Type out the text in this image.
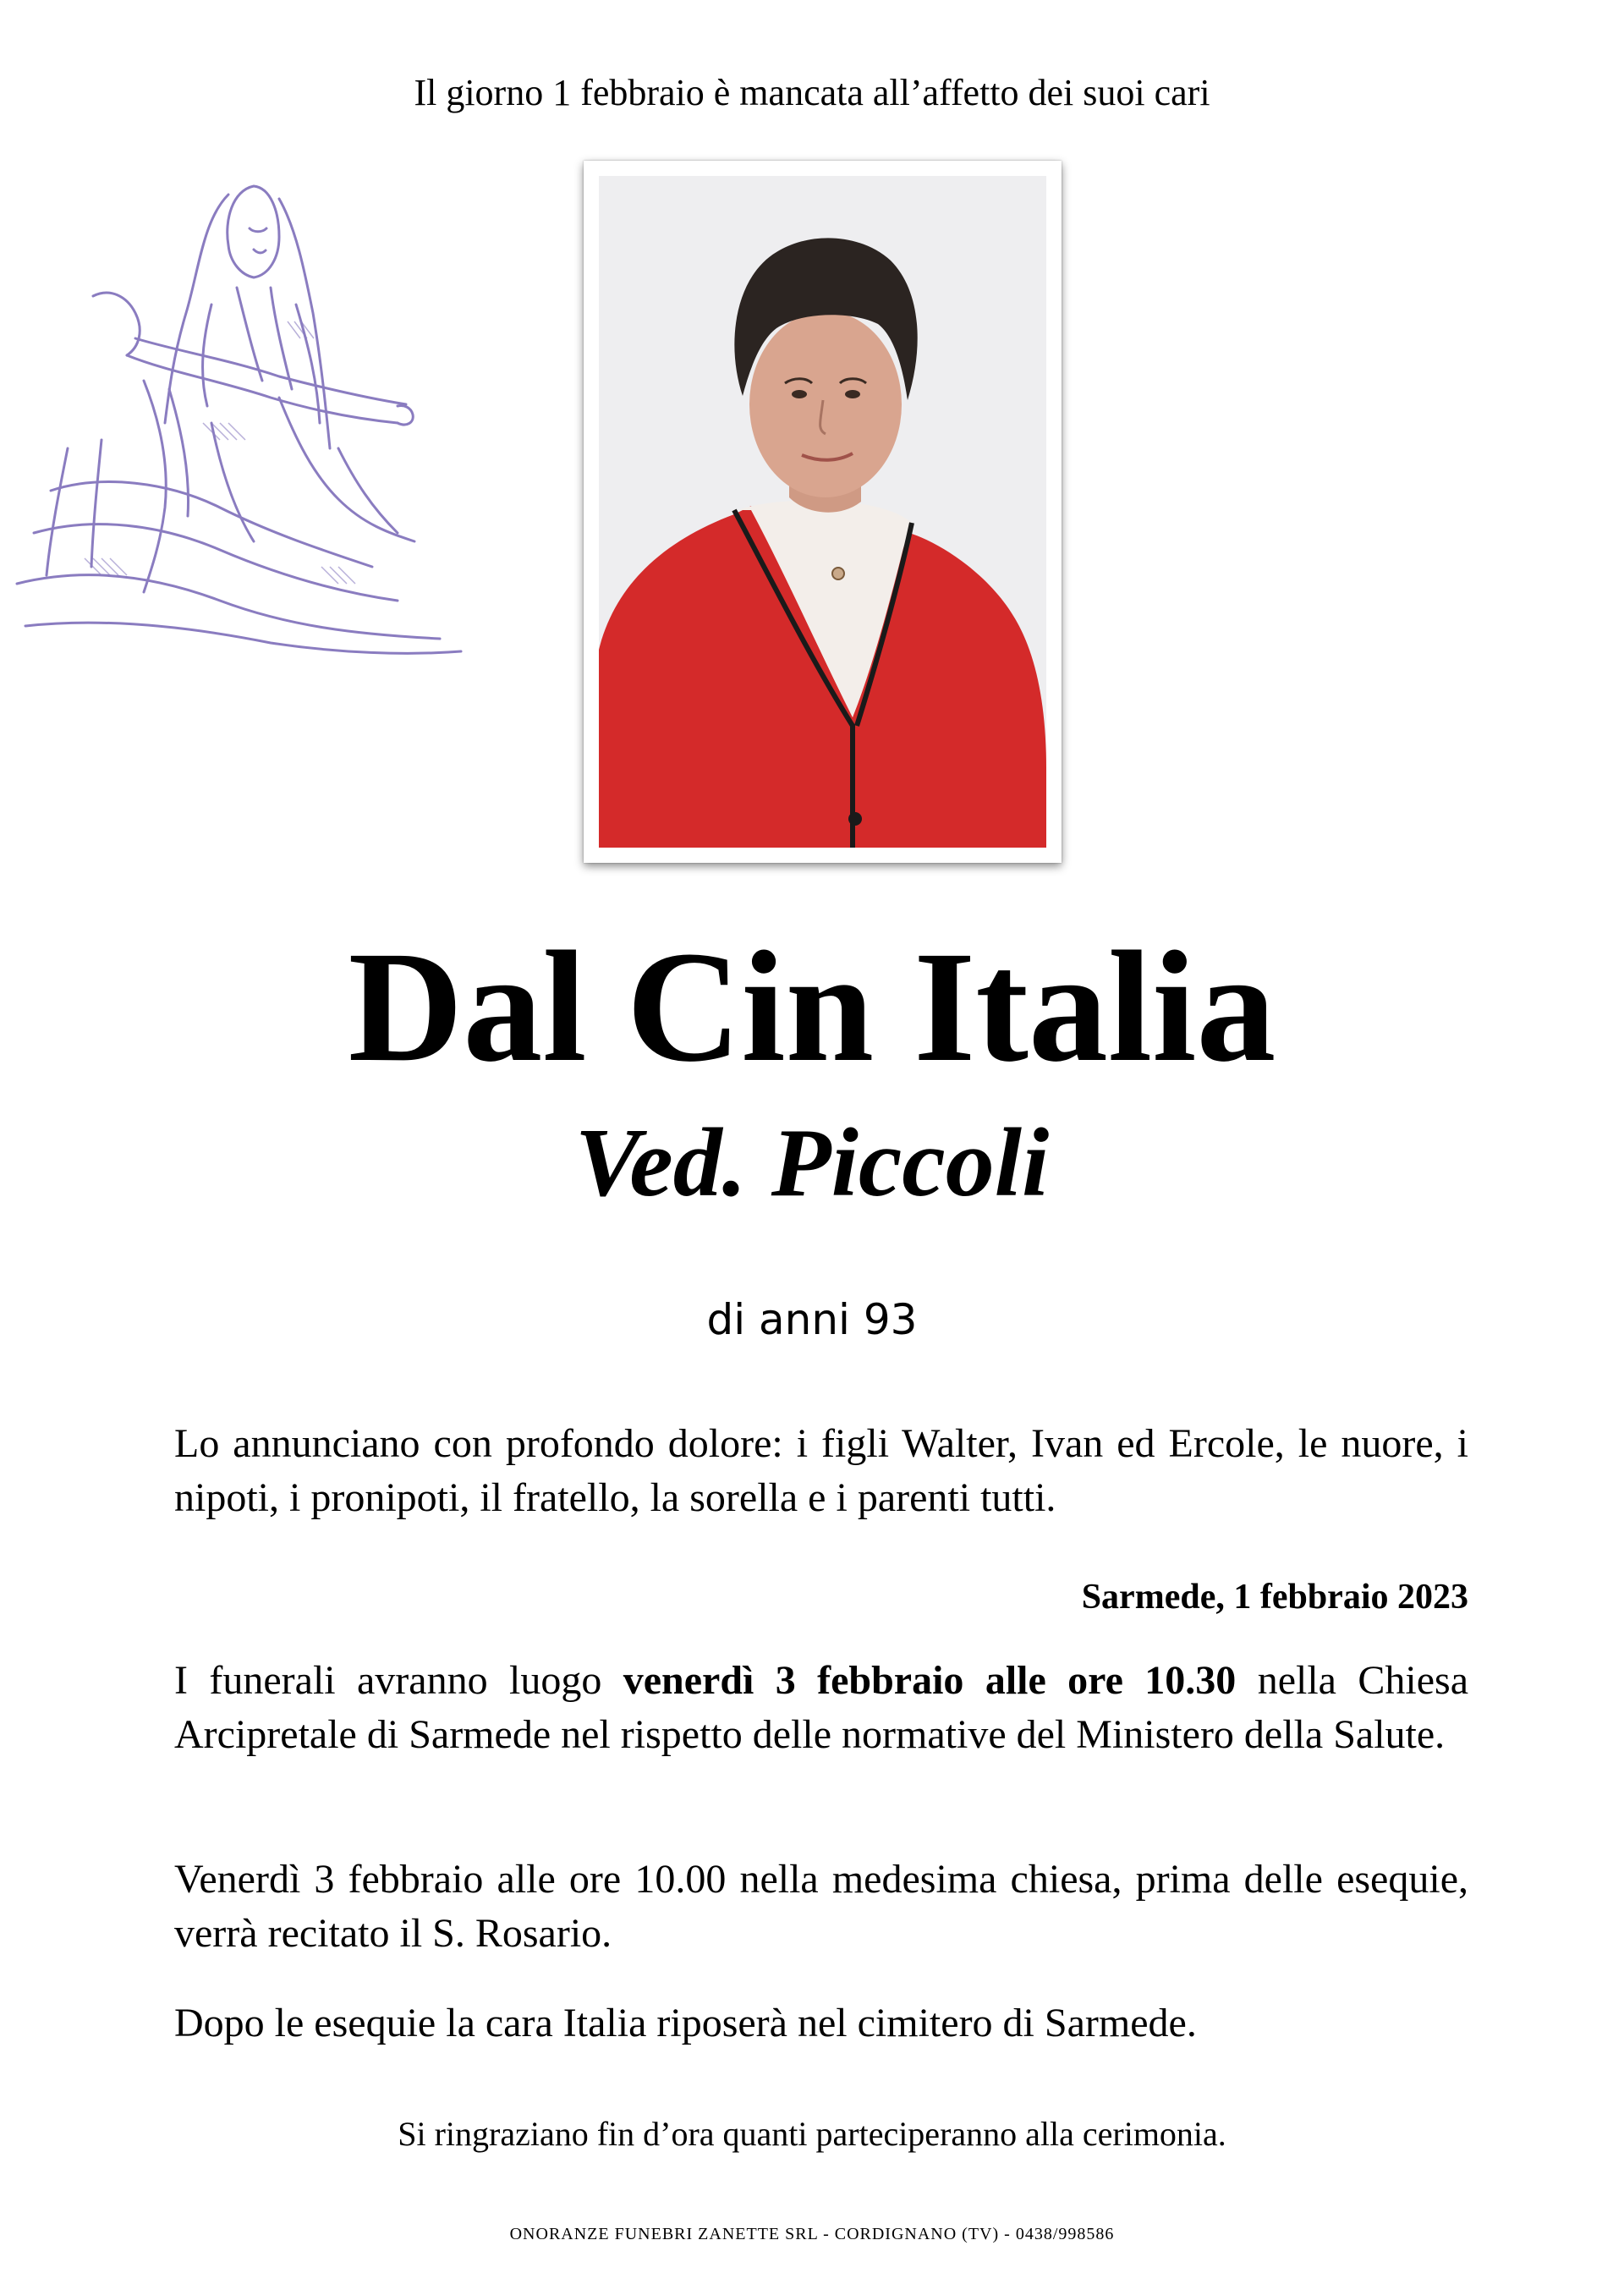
Il giorno 1 febbraio è mancata all’affetto dei suoi cari
Dal Cin Italia
Ved. Piccoli
di anni 93
Lo annunciano con profondo dolore: i figli Walter, Ivan ed Ercole, le nuore, i nipoti, i pronipoti, il fratello, la sorella e i parenti tutti.
Sarmede, 1 febbraio 2023
I funerali avranno luogo venerdì 3 febbraio alle ore 10.30 nella Chiesa Arcipretale di Sarmede nel rispetto delle normative del Ministero della Salute.
Venerdì 3 febbraio alle ore 10.00 nella medesima chiesa, prima delle esequie, verrà recitato il S. Rosario.
Dopo le esequie la cara Italia riposerà nel cimitero di Sarmede.
Si ringraziano fin d’ora quanti parteciperanno alla cerimonia.
ONORANZE FUNEBRI ZANETTE SRL - CORDIGNANO (TV) - 0438/998586
